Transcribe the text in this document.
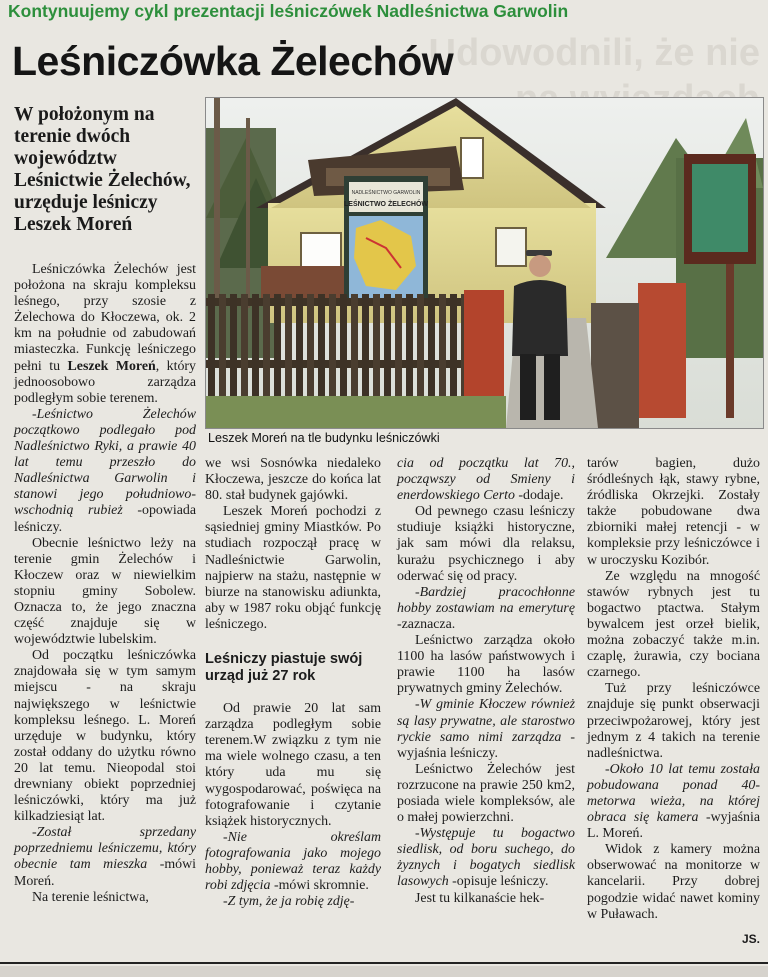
Udowodnili, że nie
Kontynuujemy cykl prezentacji leśniczówek Nadleśnictwa Garwolin
Leśniczówka Żelechów
W położonym na terenie dwóch województw Leśnictwie Żelechów, urzęduje leśniczy Leszek Moreń
NADLEŚNICTWO GARWOLIN
LEŚNICTWO ŻELECHÓW
Leszek Moreń na tle budynku leśniczówki

Leśniczówka Żelechów jest położona na skraju kompleksu leśnego, przy szosie z Żelechowa do Kłoczewa, ok. 2 km na południe od zabudowań miasteczka. Funkcję leśniczego pełni tu Leszek Moreń, który jednoosobowo zarządza podległym sobie terenem.

-Leśnictwo Żelechów początkowo podlegało pod Nadleśnictwo Ryki, a prawie 40 lat temu przeszło do Nadleśnictwa Garwolin i stanowi jego południowo-wschodnią rubież -opowiada leśniczy.

Obecnie leśnictwo leży na terenie gmin Żelechów i Kłoczew oraz w niewielkim stopniu gminy Sobolew. Oznacza to, że jego znaczna część znajduje się w województwie lubelskim.

Od początku leśniczówka znajdowała się w tym samym miejscu - na skraju największego w leśnictwie kompleksu leśnego. L. Moreń urzęduje w budynku, który został oddany do użytku równo 20 lat temu. Nieopodal stoi drewniany obiekt poprzedniej leśniczówki, który ma już kilkadziesiąt lat.

-Został sprzedany poprzedniemu leśniczemu, który obecnie tam mieszka -mówi Moreń.

Na terenie leśnictwa,

we wsi Sosnówka niedaleko Kłoczewa, jeszcze do końca lat 80. stał budynek gajówki.

Leszek Moreń pochodzi z sąsiedniej gminy Miastków. Po studiach rozpoczął pracę w Nadleśnictwie Garwolin, najpierw na stażu, następnie w biurze na stanowisku adiunkta, aby w 1987 roku objąć funkcję leśniczego.

Leśniczy piastuje swój urząd już 27 rok

Od prawie 20 lat sam zarządza podległym sobie terenem.W związku z tym nie ma wiele wolnego czasu, a ten który uda mu się wygospodarować, poświęca na fotografowanie i czytanie książek historycznych.

-Nie określam fotografowania jako mojego hobby, ponieważ teraz każdy robi zdjęcia -mówi skromnie.

-Z tym, że ja robię zdję-

cia od początku lat 70., począwszy od Smieny i enerdowskiego Certo -dodaje.

Od pewnego czasu leśniczy studiuje książki historyczne, jak sam mówi dla relaksu, kurażu psychicznego i aby oderwać się od pracy.

-Bardziej pracochłonne hobby zostawiam na emeryturę -zaznacza.

Leśnictwo zarządza około 1100 ha lasów państwowych i prawie 1100 ha lasów prywatnych gminy Żelechów.

-W gminie Kłoczew również są lasy prywatne, ale starostwo ryckie samo nimi zarządza -wyjaśnia leśniczy.

Leśnictwo Żelechów jest rozrzucone na prawie 250 km2, posiada wiele kompleksów, ale o małej powierzchni.

-Występuje tu bogactwo siedlisk, od boru suchego, do żyznych i bogatych siedlisk lasowych -opisuje leśniczy.

Jest tu kilkanaście hek-

tarów bagien, dużo śródleśnych łąk, stawy rybne, źródliska Okrzejki. Zostały także pobudowane dwa zbiorniki małej retencji - w kompleksie przy leśniczówce i w uroczysku Kozibór.

Ze względu na mnogość stawów rybnych jest tu bogactwo ptactwa. Stałym bywalcem jest orzeł bielik, można zobaczyć także m.in. czaplę, żurawia, czy bociana czarnego.

Tuż przy leśniczówce znajduje się punkt obserwacji przeciwpożarowej, który jest jednym z 4 takich na terenie nadleśnictwa.

-Około 10 lat temu została pobudowana ponad 40-metorwa wieża, na której obraca się kamera -wyjaśnia L. Moreń.

Widok z kamery można obserwować na monitorze w kancelarii. Przy dobrej pogodzie widać nawet kominy w Puławach.

JS.
